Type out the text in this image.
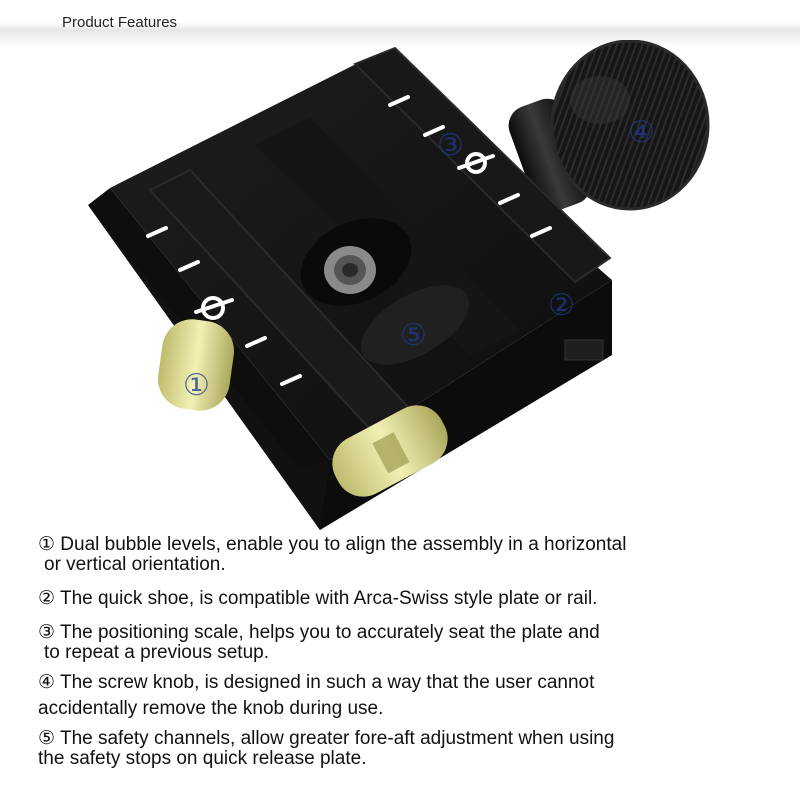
Product Features
①
②
③	④
⑤
① Dual bubble levels, enable you to align the assembly in a horizontal
or vertical orientation.
② The quick shoe, is compatible with Arca-Swiss style plate or rail.
③ The positioning scale, helps you to accurately seat the plate and
to repeat a previous setup.
④ The screw knob, is designed in such a way that the user cannot
accidentally remove the knob during use.
⑤ The safety channels, allow greater fore-aft adjustment when using
the safety stops on quick release plate.
